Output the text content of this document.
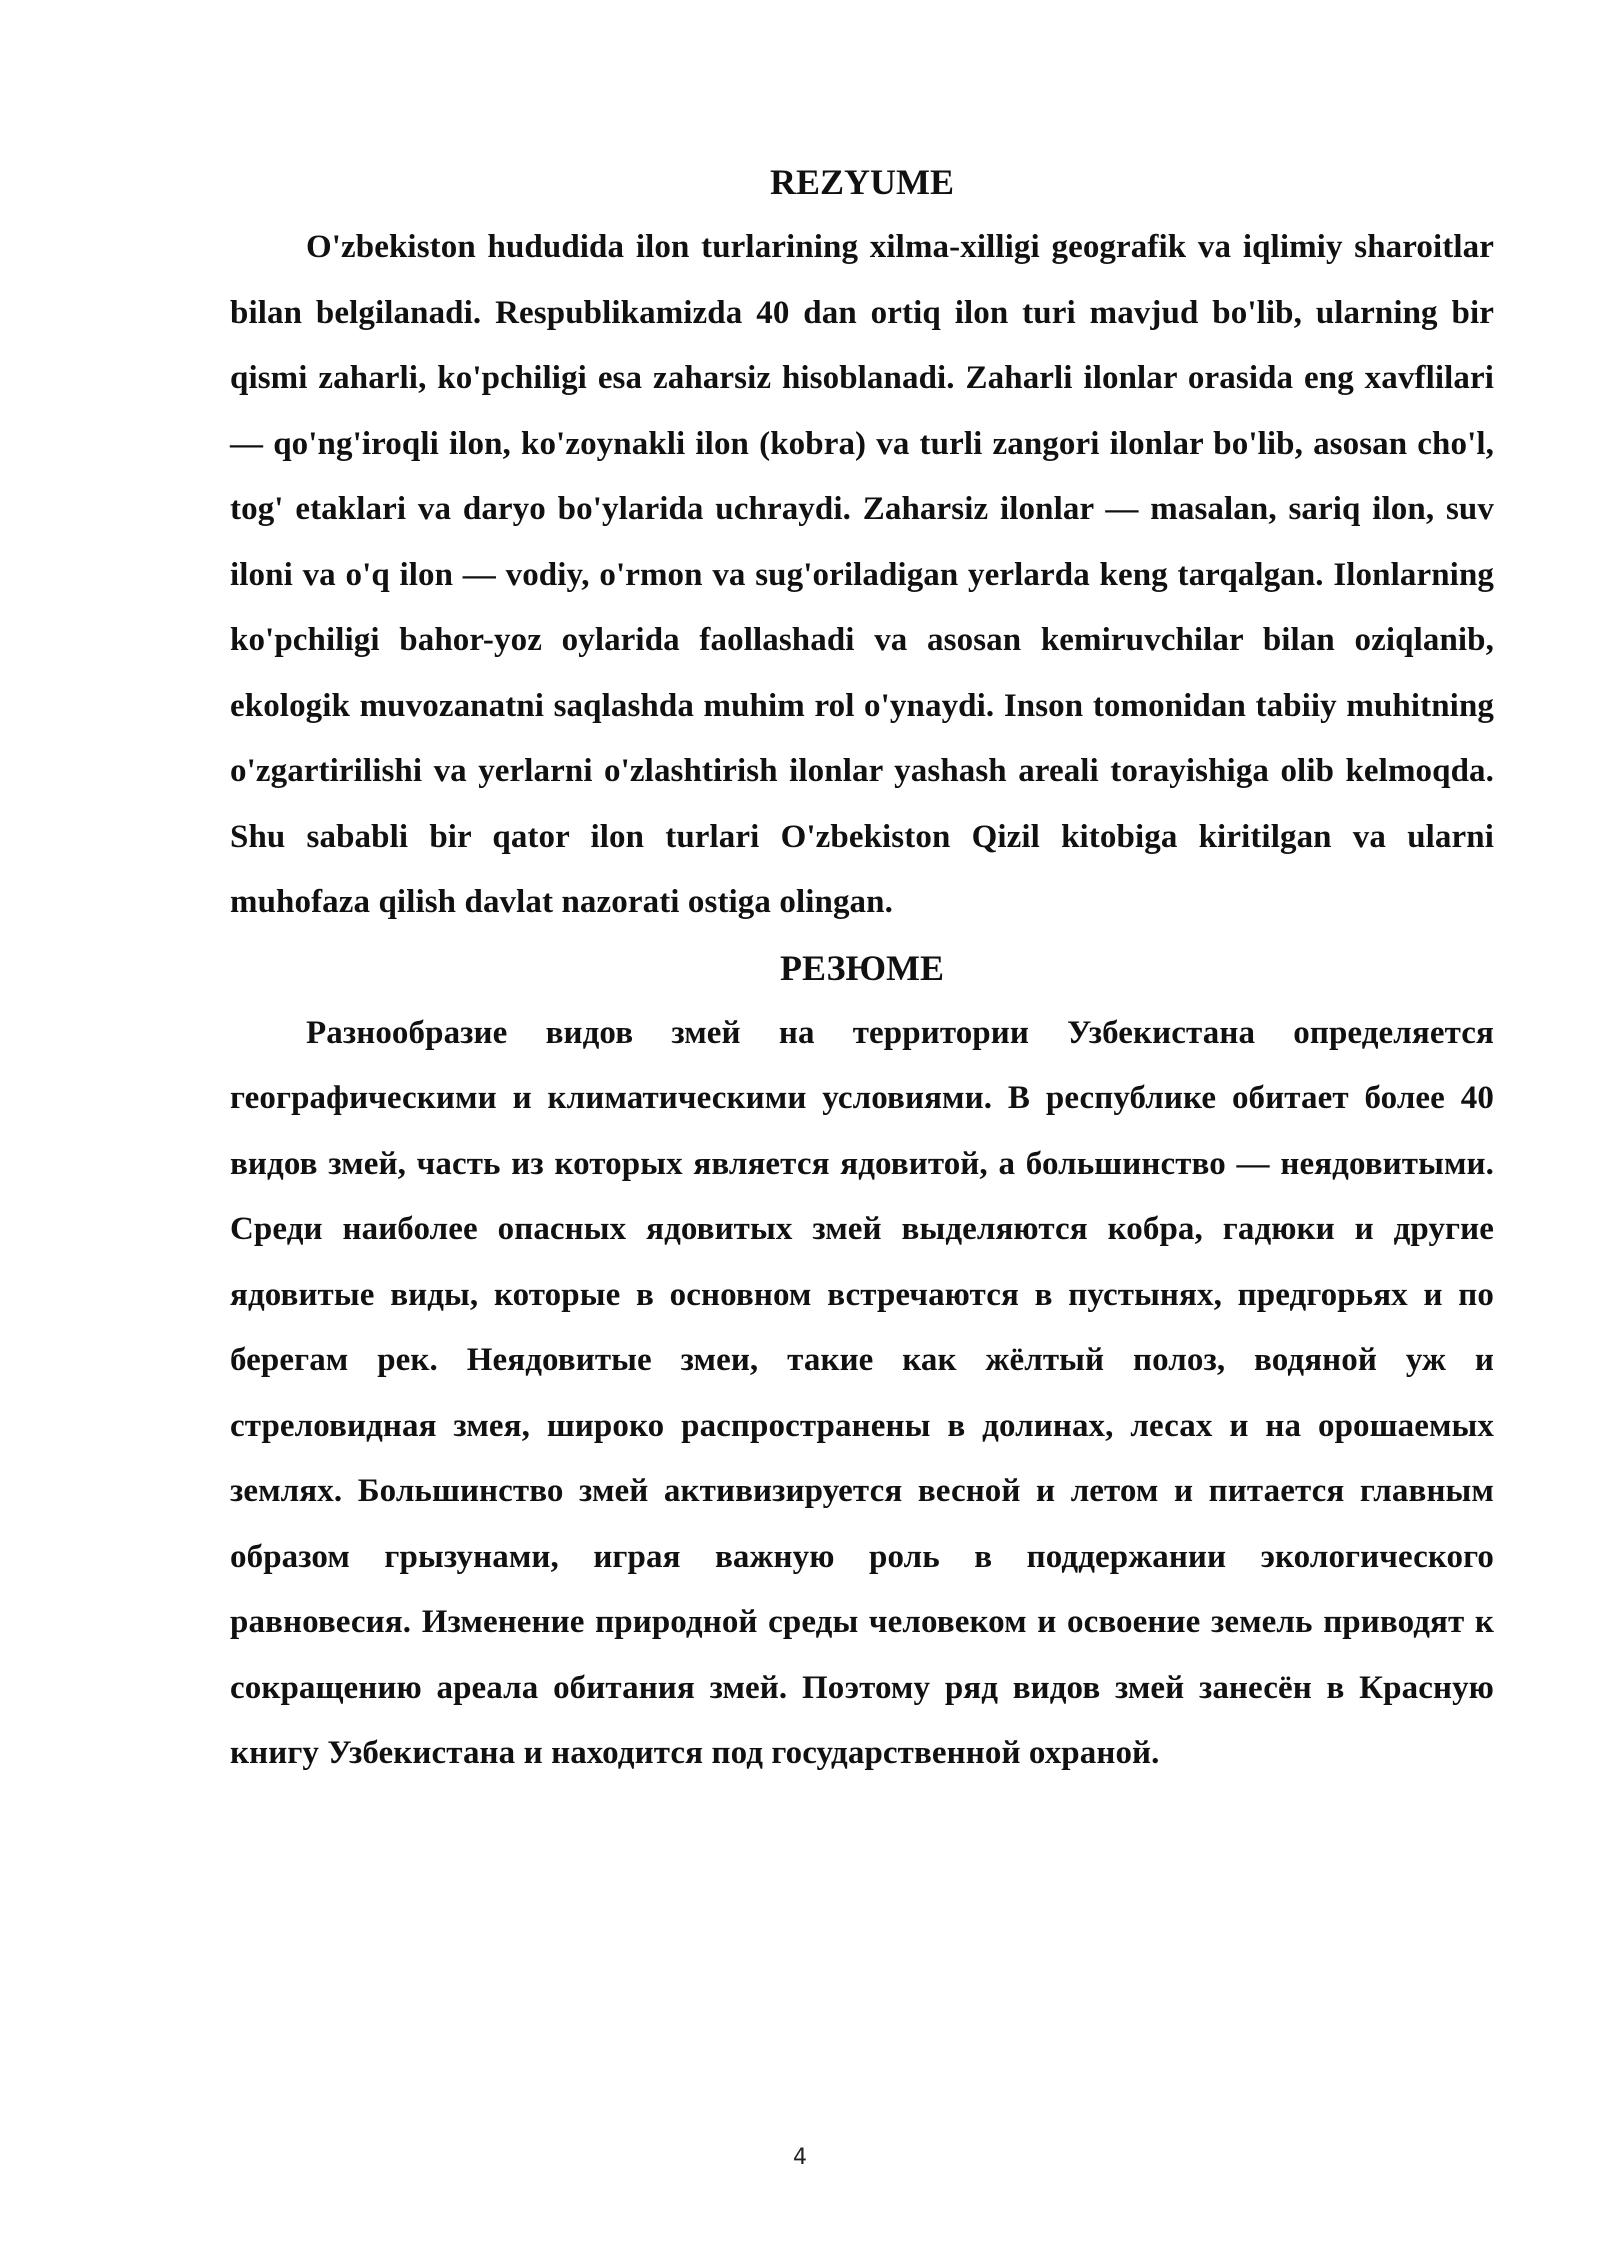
REZYUME

O'zbekiston hududida ilon turlarining xilma-xilligi geografik va iqlimiy sharoitlar bilan belgilanadi. Respublikamizda 40 dan ortiq ilon turi mavjud bo'lib, ularning bir qismi zaharli, ko'pchiligi esa zaharsiz hisoblanadi. Zaharli ilonlar orasida eng xavflilari — qo'ng'iroqli ilon, ko'zoynakli ilon (kobra) va turli zangori ilonlar bo'lib, asosan cho'l, tog' etaklari va daryo bo'ylarida uchraydi. Zaharsiz ilonlar — masalan, sariq ilon, suv iloni va o'q ilon — vodiy, o'rmon va sug'oriladigan yerlarda keng tarqalgan. Ilonlarning ko'pchiligi bahor-yoz oylarida faollashadi va asosan kemiruvchilar bilan oziqlanib, ekologik muvozanatni saqlashda muhim rol o'ynaydi. Inson tomonidan tabiiy muhitning o'zgartirilishi va yerlarni o'zlashtirish ilonlar yashash areali torayishiga olib kelmoqda. Shu sababli bir qator ilon turlari O'zbekiston Qizil kitobiga kiritilgan va ularni muhofaza qilish davlat nazorati ostiga olingan.

РЕЗЮМЕ

Разнообразие видов змей на территории Узбекистана определяется географическими и климатическими условиями. В республике обитает более 40 видов змей, часть из которых является ядовитой, а большинство — неядовитыми. Среди наиболее опасных ядовитых змей выделяются кобра, гадюки и другие ядовитые виды, которые в основном встречаются в пустынях, предгорьях и по берегам рек. Неядовитые змеи, такие как жёлтый полоз, водяной уж и стреловидная змея, широко распространены в долинах, лесах и на орошаемых землях. Большинство змей активизируется весной и летом и питается главным образом грызунами, играя важную роль в поддержании экологического равновесия. Изменение природной среды человеком и освоение земель приводят к сокращению ареала обитания змей. Поэтому ряд видов змей занесён в Красную книгу Узбекистана и находится под государственной охраной.

4
